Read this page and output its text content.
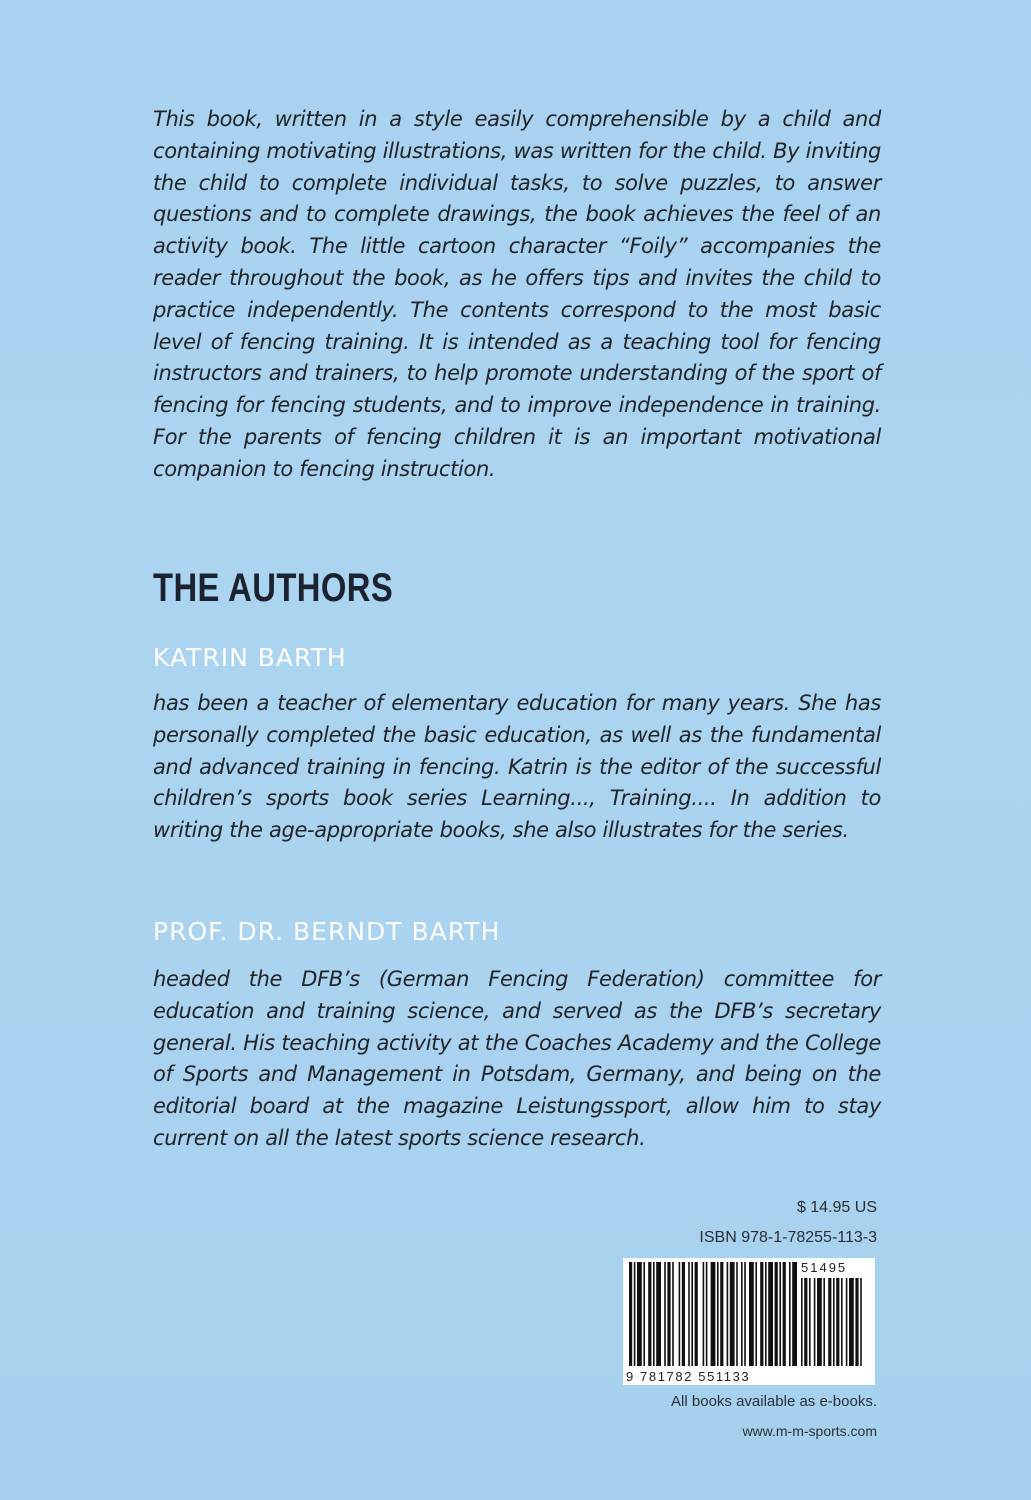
This book, written in a style easily comprehensible by a child and containing motivating illustrations, was written for the child. By inviting the child to complete individual tasks, to solve puzzles, to answer questions and to complete drawings, the book achieves the feel of an activity book. The little cartoon character “Foily” accompanies the reader throughout the book, as he offers tips and invites the child to practice independently. The contents correspond to the most basic level of fencing training. It is intended as a teaching tool for fencing instructors and trainers, to help promote understanding of the sport of fencing for fencing students, and to improve independence in training. For the parents of fencing children it is an important motivational companion to fencing instruction.

THE AUTHORS
KATRIN BARTH

has been a teacher of elementary education for many years. She has personally completed the basic education, as well as the fundamental and advanced training in fencing. Katrin is the editor of the successful children’s sports book series Learning..., Training.... In addition to writing the age-appropriate books, she also illustrates for the series.

PROF. DR. BERNDT BARTH

headed the DFB’s (German Fencing Federation) committee for education and training science, and served as the DFB’s secretary general. His teaching activity at the Coaches Academy and the College of Sports and Management in Potsdam, Germany, and being on the editorial board at the magazine Leistungssport, allow him to stay current on all the latest sports science research.

$ 14.95 US
ISBN 978-1-78255-113-3
51495
9 781782 551133
All books available as e-books.
www.m-m-sports.com
